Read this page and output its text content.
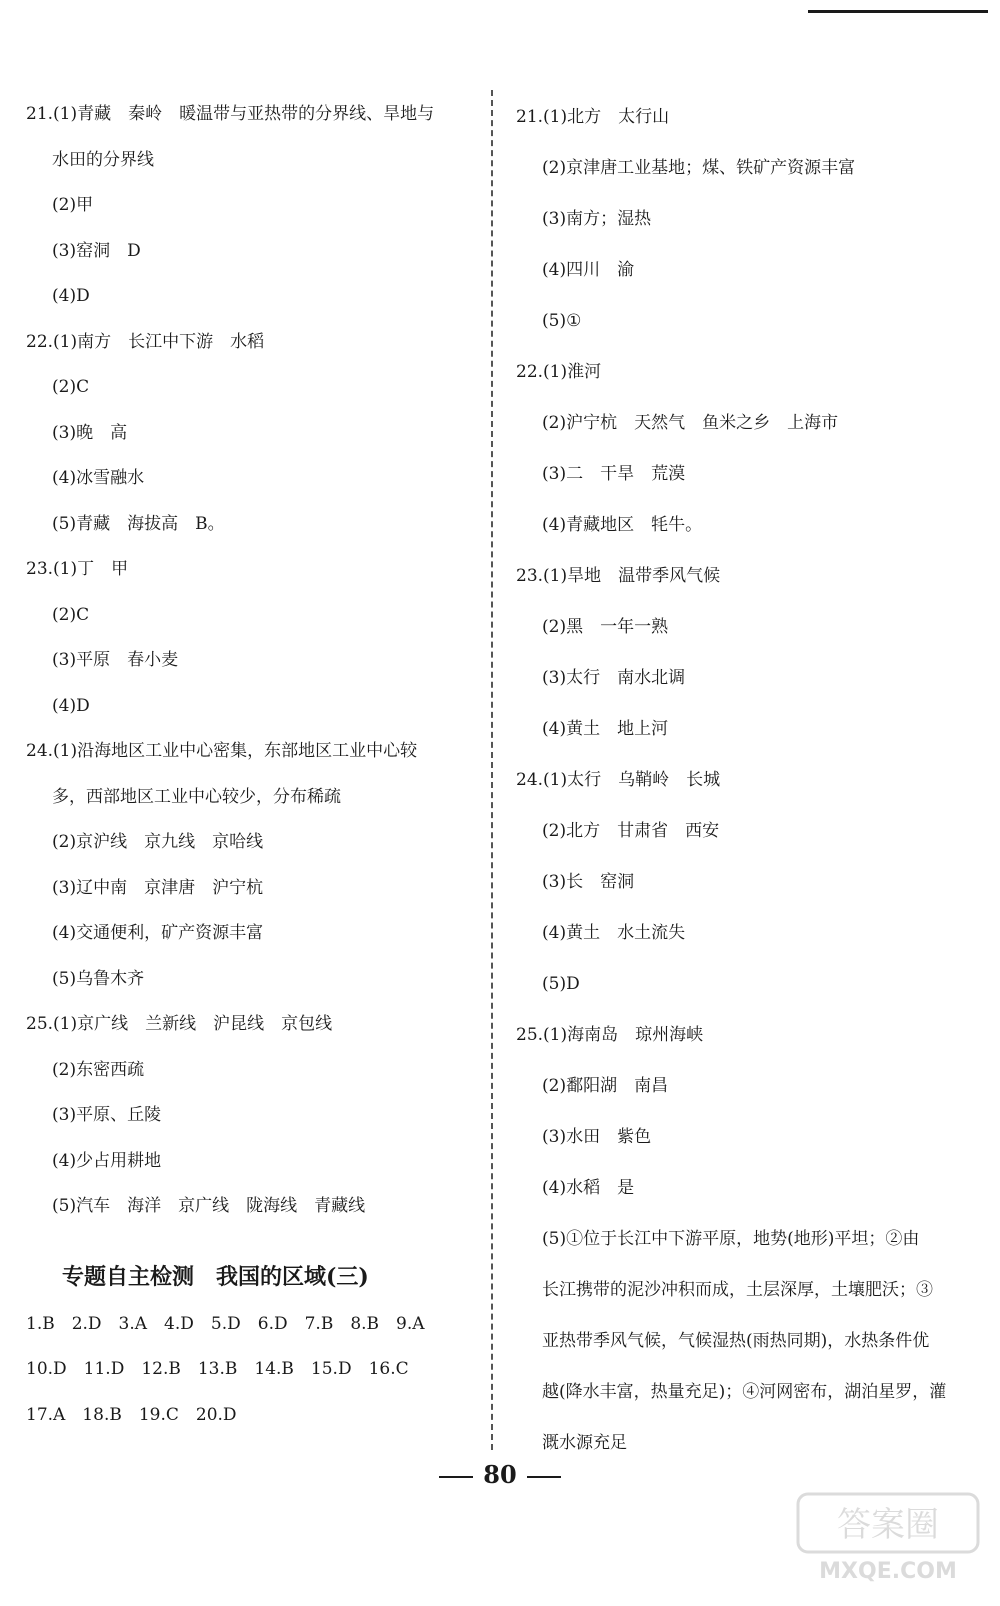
21.(1)青藏　秦岭　暖温带与亚热带的分界线、旱地与
水田的分界线
(2)甲
(3)窑洞　D
(4)D
22.(1)南方　长江中下游　水稻
(2)C
(3)晚　高
(4)冰雪融水
(5)青藏　海拔高　B。
23.(1)丁　甲
(2)C
(3)平原　春小麦
(4)D
24.(1)沿海地区工业中心密集，东部地区工业中心较
多，西部地区工业中心较少，分布稀疏
(2)京沪线　京九线　京哈线
(3)辽中南　京津唐　沪宁杭
(4)交通便利，矿产资源丰富
(5)乌鲁木齐
25.(1)京广线　兰新线　沪昆线　京包线
(2)东密西疏
(3)平原、丘陵
(4)少占用耕地
(5)汽车　海洋　京广线　陇海线　青藏线
专题自主检测　我国的区域(三)
1.B　2.D　3.A　4.D　5.D　6.D　7.B　8.B　9.A
10.D　11.D　12.B　13.B　14.B　15.D　16.C
17.A　18.B　19.C　20.D
21.(1)北方　太行山
(2)京津唐工业基地；煤、铁矿产资源丰富
(3)南方；湿热
(4)四川　渝
(5)①
22.(1)淮河
(2)沪宁杭　天然气　鱼米之乡　上海市
(3)二　干旱　荒漠
(4)青藏地区　牦牛。
23.(1)旱地　温带季风气候
(2)黑　一年一熟
(3)太行　南水北调
(4)黄土　地上河
24.(1)太行　乌鞘岭　长城
(2)北方　甘肃省　西安
(3)长　窑洞
(4)黄土　水土流失
(5)D
25.(1)海南岛　琼州海峡
(2)鄱阳湖　南昌
(3)水田　紫色
(4)水稻　是
(5)①位于长江中下游平原，地势(地形)平坦；②由
长江携带的泥沙冲积而成，土层深厚，土壤肥沃；③
亚热带季风气候，气候湿热(雨热同期)，水热条件优
越(降水丰富，热量充足)；④河网密布，湖泊星罗，灌
溉水源充足
80
答案圈
MXQE.COM
